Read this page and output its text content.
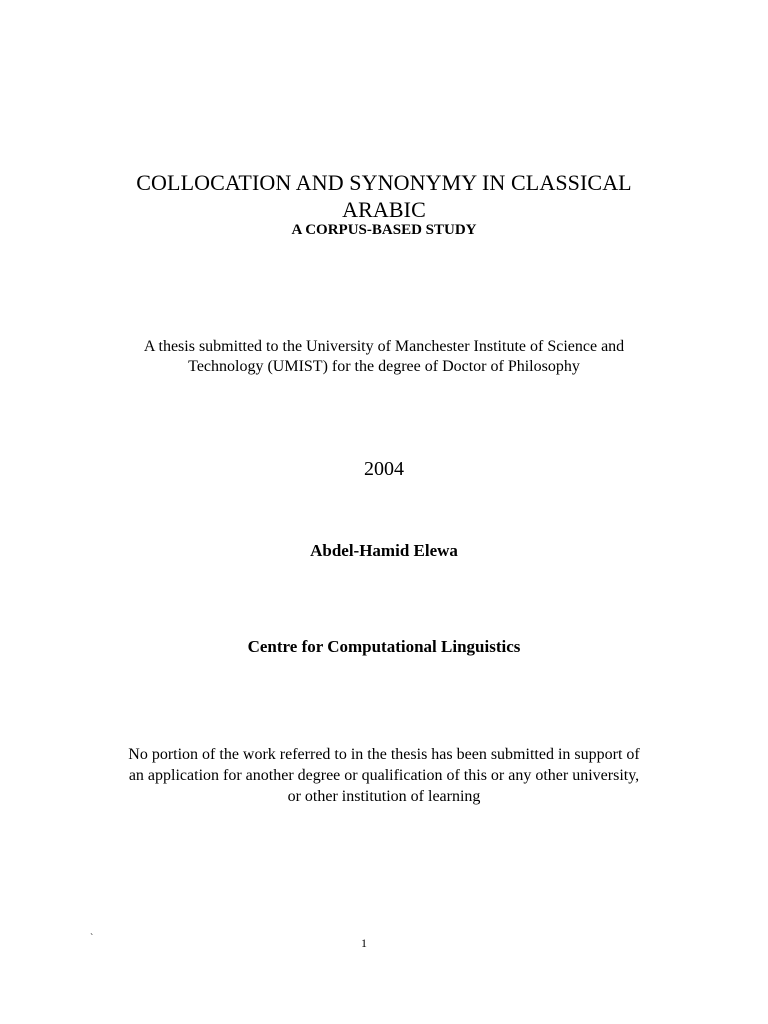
COLLOCATION AND SYNONYMY IN CLASSICAL
ARABIC
A CORPUS-BASED STUDY
A thesis submitted to the University of Manchester Institute of Science and
Technology (UMIST) for the degree of Doctor of Philosophy
2004
Abdel-Hamid Elewa
Centre for Computational Linguistics
No portion of the work referred to in the thesis has been submitted in support of
an application for another degree or qualification of this or any other university,
or other institution of learning
`	1
